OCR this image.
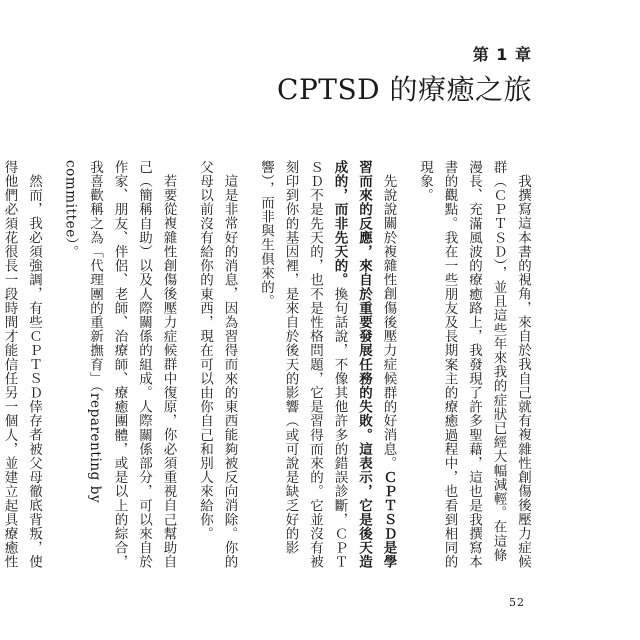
第 1 章
CPTSD 的療癒之旅

我撰寫這本書的視角，來自於我自己就有複雜性創傷後壓力症候群（ＣＰＴＳＤ），並且這些年來我的症狀已經大幅減輕。在這條漫長、充滿風波的療癒路上，我發現了許多聖藉，這也是我撰寫本書的觀點。我在一些朋友及長期案主的療癒過程中，也看到相同的現象。

先說說關於複雜性創傷後壓力症候群的好消息。ＣＰＴＳＤ是學習而來的反應，來自於重要發展任務的失敗。這表示，它是後天造成的，而非先天的。換句話說，不像其他許多的錯誤診斷，ＣＰＴＳＤ不是先天的，也不是性格問題，它是習得而來的。它並沒有被刻印到你的基因裡，是來自於後天的影響（或可說是缺乏好的影響），而非與生俱來的。

這是非常好的消息，因為習得而來的東西能夠被反向消除。你的父母以前沒有給你的東西，現在可以由你自己和別人來給你。

若要從複雜性創傷後壓力症候群中復原，你必須重視自己幫助自己（簡稱自助）以及人際關係的組成。人際關係部分，可以來自於作家、朋友、伴侶、老師、治療師、療癒團體，或是以上的綜合，我喜歡稱之為「代理團的重新撫育」（reparenting by committee）。

然而，我必須強調，有些ＣＰＴＳＤ倖存者被父母徹底背叛，使得他們必須花很長一段時間才能信任另一個人，並建立起具療癒性

52
